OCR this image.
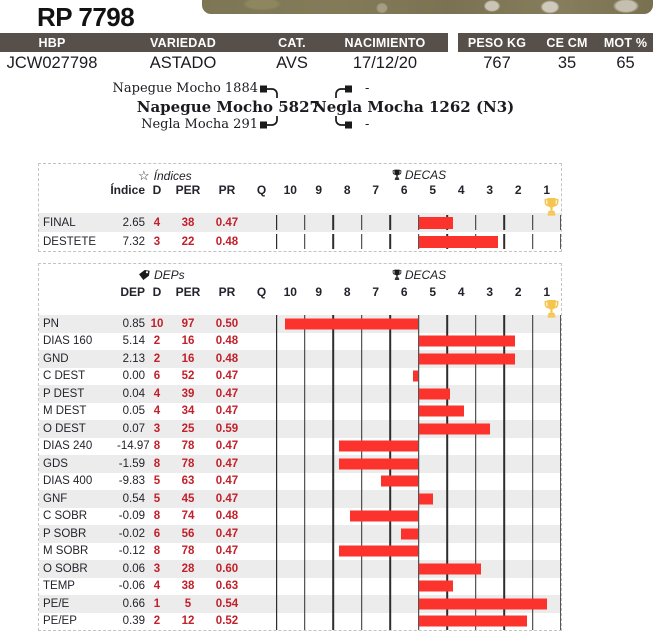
RP 7798
HBP	VARIEDAD	CAT.	NACIMIENTO
JCW027798	ASTADO	AVS	17/12/20
PESO KG	CE CM	MOT %
767	35	65
Napegue Mocho 1884
Napegue Mocho 5827
Negla Mocha 291
Negla Mocha 1262 (N3)
-
-
☆ Índices	DECAS
Índice D	PER	PR	Q	10	9	8	7	6	5	4	3	2	1
FINAL	2.65 4	38	0.47
DESTETE	7.32 3	22	0.48
DEPs	DECAS
DEP D	PER	PR	Q	10	9	8	7	6	5	4	3	2	1
PN	0.85 10	97	0.50
DIAS 160	5.14 2	16	0.48
GND	2.13 2	16	0.48
C DEST	0.00 6	52	0.47
P DEST	0.04 4	39	0.47
M DEST	0.05 4	34	0.47
O DEST	0.07 3	25	0.59
DIAS 240	-14.97 8	78	0.47
GDS	-1.59 8	78	0.47
DIAS 400	-9.83 5	63	0.47
GNF	0.54 5	45	0.47
C SOBR	-0.09 8	74	0.48
P SOBR	-0.02 6	56	0.47
M SOBR	-0.12 8	78	0.47
O SOBR	0.06 3	28	0.60
TEMP	-0.06 4	38	0.63
PE/E	0.66 1	5	0.54
PE/EP	0.39 2	12	0.52
